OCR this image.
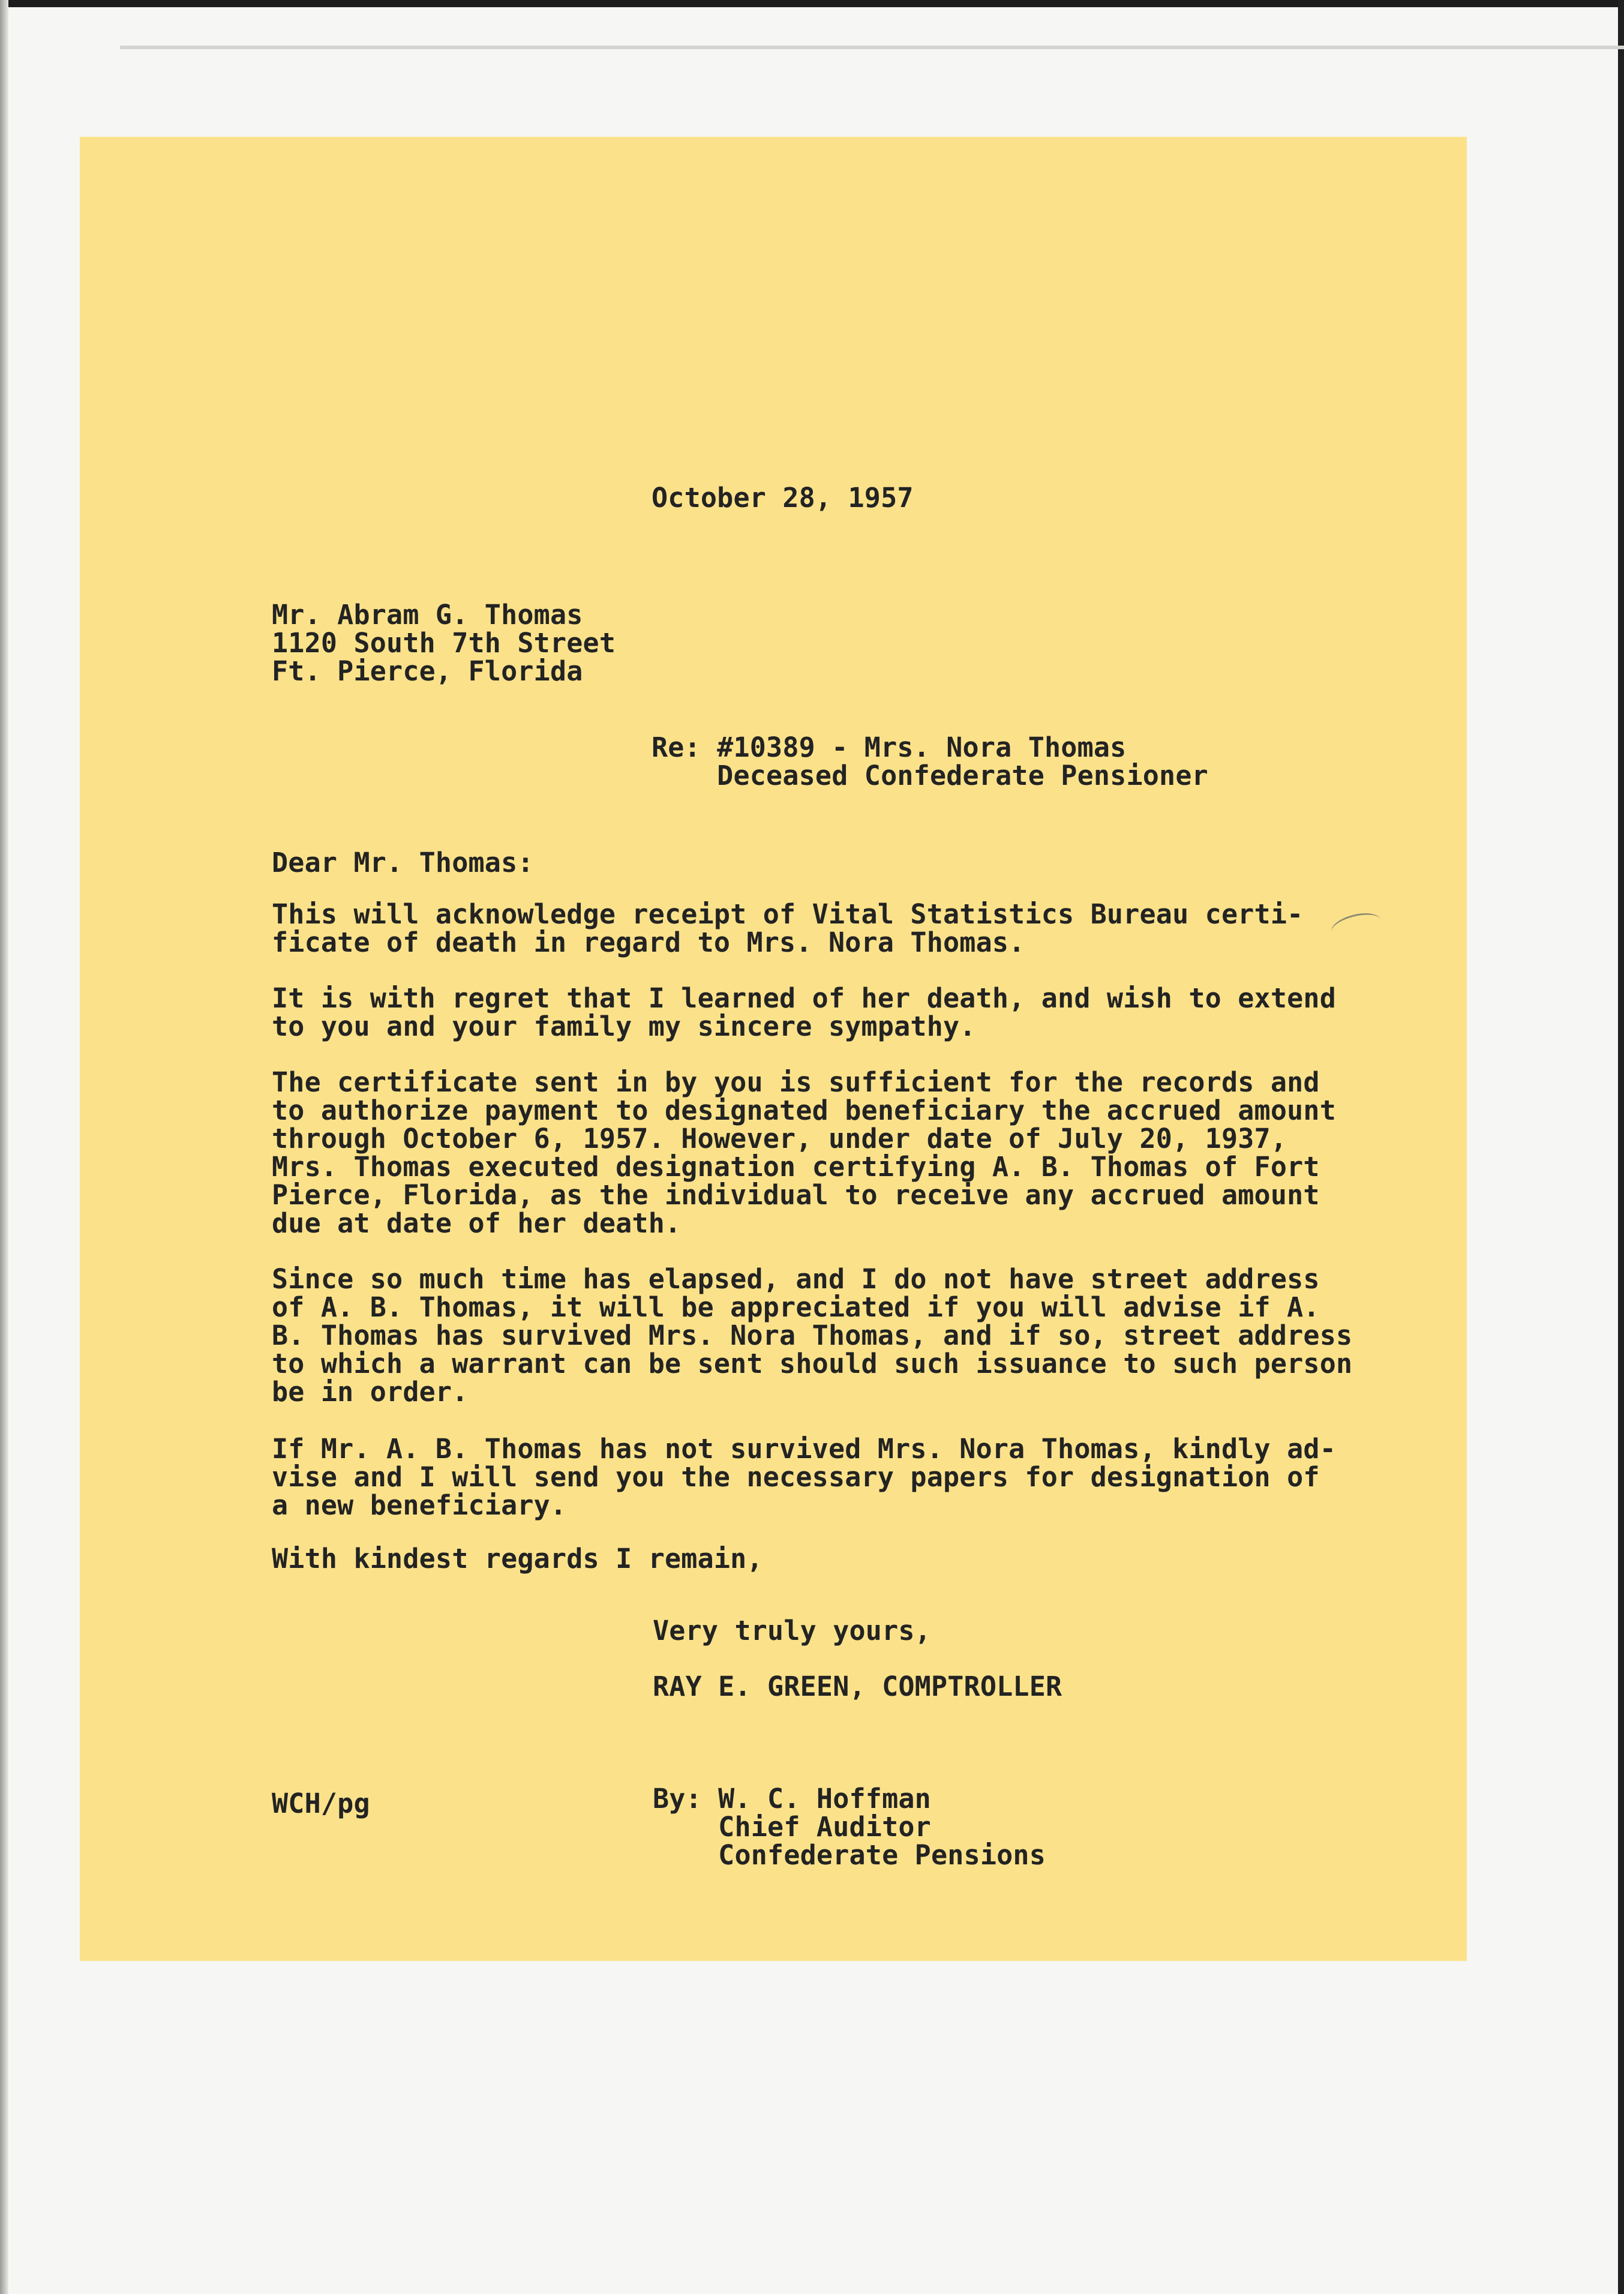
October 28, 1957

Mr. Abram G. Thomas

1120 South 7th Street

Ft. Pierce, Florida

Re: #10389 - Mrs. Nora Thomas

Deceased Confederate Pensioner

Dear Mr. Thomas:

This will acknowledge receipt of Vital Statistics Bureau certi-

ficate of death in regard to Mrs. Nora Thomas.

It is with regret that I learned of her death, and wish to extend

to you and your family my sincere sympathy.

The certificate sent in by you is sufficient for the records and

to authorize payment to designated beneficiary the accrued amount

through October 6, 1957. However, under date of July 20, 1937,

Mrs. Thomas executed designation certifying A. B. Thomas of Fort

Pierce, Florida, as the individual to receive any accrued amount

due at date of her death.

Since so much time has elapsed, and I do not have street address

of A. B. Thomas, it will be appreciated if you will advise if A.

B. Thomas has survived Mrs. Nora Thomas, and if so, street address

to which a warrant can be sent should such issuance to such person

be in order.

If Mr. A. B. Thomas has not survived Mrs. Nora Thomas, kindly ad-

vise and I will send you the necessary papers for designation of

a new beneficiary.

With kindest regards I remain,

Very truly yours,

RAY E. GREEN, COMPTROLLER

WCH/pg	By: W. C. Hoffman

Chief Auditor

Confederate Pensions
